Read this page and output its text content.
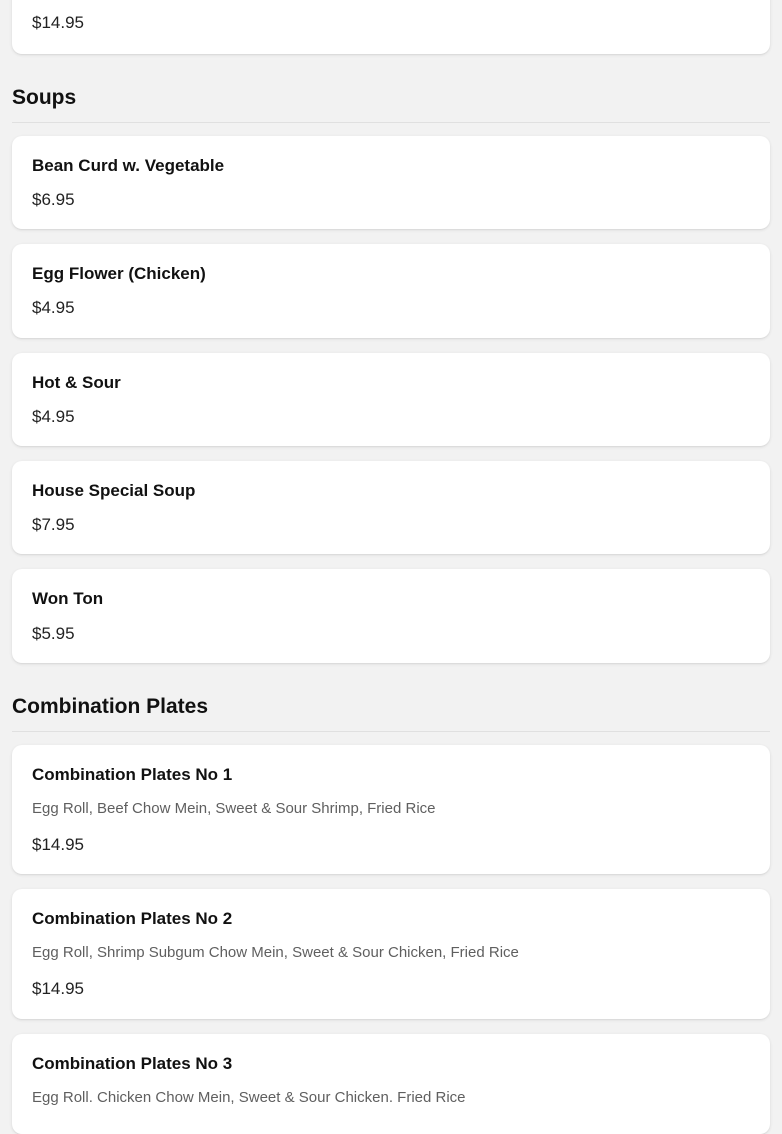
$14.95
Soups
Bean Curd w. Vegetable
$6.95
Egg Flower (Chicken)
$4.95
Hot & Sour
$4.95
House Special Soup
$7.95
Won Ton
$5.95
Combination Plates
Combination Plates No 1
Egg Roll, Beef Chow Mein, Sweet & Sour Shrimp, Fried Rice
$14.95
Combination Plates No 2
Egg Roll, Shrimp Subgum Chow Mein, Sweet & Sour Chicken, Fried Rice
$14.95
Combination Plates No 3
Egg Roll. Chicken Chow Mein, Sweet & Sour Chicken. Fried Rice
